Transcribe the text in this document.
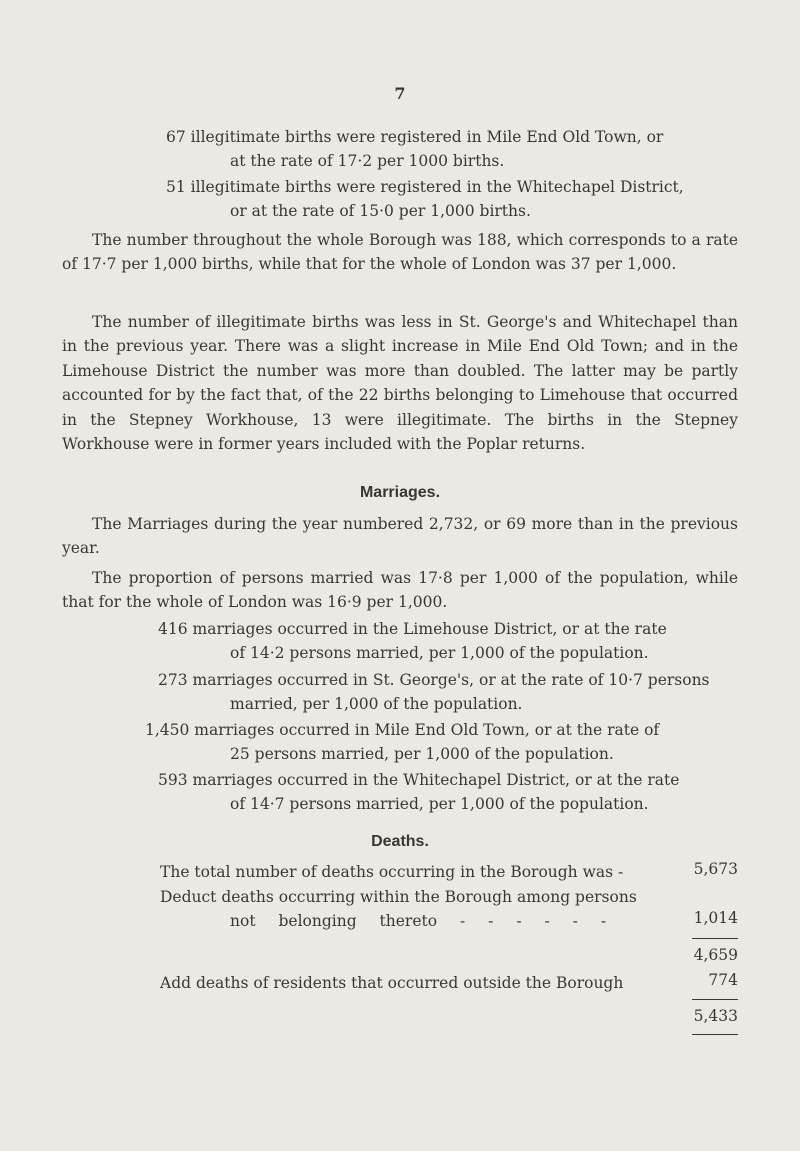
7
67 illegitimate births were registered in Mile End Old Town, or
at the rate of 17·2 per 1000 births.
51 illegitimate births were registered in the Whitechapel District,
or at the rate of 15·0 per 1,000 births.
The number throughout the whole Borough was 188, which corresponds to a rate of 17·7 per 1,000 births, while that for the whole of London was 37 per 1,000.
The number of illegitimate births was less in St. George's and Whitechapel than in the previous year. There was a slight increase in Mile End Old Town; and in the Limehouse District the number was more than doubled. The latter may be partly accounted for by the fact that, of the 22 births belonging to Limehouse that occurred in the Stepney Workhouse, 13 were illegitimate. The births in the Stepney Workhouse were in former years included with the Poplar returns.
Marriages.
The Marriages during the year numbered 2,732, or 69 more than in the previous year.
The proportion of persons married was 17·8 per 1,000 of the population, while that for the whole of London was 16·9 per 1,000.
416 marriages occurred in the Limehouse District, or at the rate
of 14·2 persons married, per 1,000 of the population.
273 marriages occurred in St. George's, or at the rate of 10·7 persons
married, per 1,000 of the population.
1,450 marriages occurred in Mile End Old Town, or at the rate of
25 persons married, per 1,000 of the population.
593 marriages occurred in the Whitechapel District, or at the rate
of 14·7 persons married, per 1,000 of the population.
Deaths.
The total number of deaths occurring in the Borough was -	5,673
Deduct deaths occurring within the Borough among persons
not belonging thereto - - - - - -	1,014
4,659
Add deaths of residents that occurred outside the Borough	774
5,433
